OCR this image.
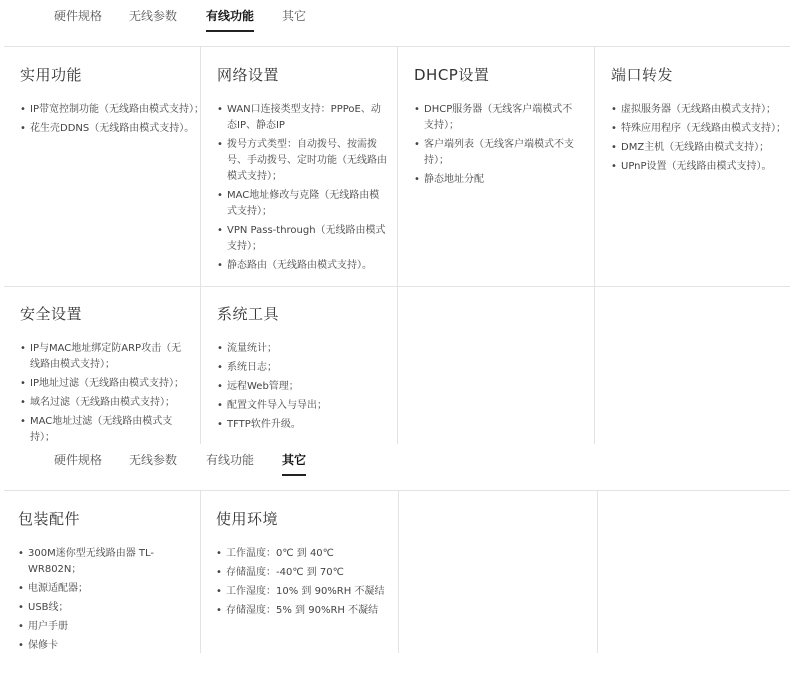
硬件规格 无线参数 有线功能 其它
实用功能
• IP带宽控制功能（无线路由模式支持）；
• 花生壳DDNS（无线路由模式支持）。
网络设置
• WAN口连接类型支持：PPPoE、动态IP、静态IP
• 拨号方式类型：自动拨号、按需拨号、手动拨号、定时功能（无线路由模式支持）；
• MAC地址修改与克隆（无线路由模式支持）；
• VPN Pass-through（无线路由模式支持）；
• 静态路由（无线路由模式支持）。
DHCP设置
• DHCP服务器（无线客户端模式不支持）；
• 客户端列表（无线客户端模式不支持）；
• 静态地址分配
端口转发
• 虚拟服务器（无线路由模式支持）；
• 特殊应用程序（无线路由模式支持）；
• DMZ主机（无线路由模式支持）；
• UPnP设置（无线路由模式支持）。
安全设置
• IP与MAC地址绑定防ARP攻击（无线路由模式支持）；
• IP地址过滤（无线路由模式支持）；
• 域名过滤（无线路由模式支持）；
• MAC地址过滤（无线路由模式支持）；
系统工具
• 流量统计；
• 系统日志；
• 远程Web管理；
• 配置文件导入与导出；
• TFTP软件升级。
硬件规格 无线参数 有线功能 其它
包装配件
• 300M迷你型无线路由器 TL-WR802N；
• 电源适配器；
• USB线；
• 用户手册
• 保修卡
使用环境
• 工作温度：0℃ 到 40℃
• 存储温度：-40℃ 到 70℃
• 工作湿度：10% 到 90%RH 不凝结
• 存储湿度：5% 到 90%RH 不凝结
